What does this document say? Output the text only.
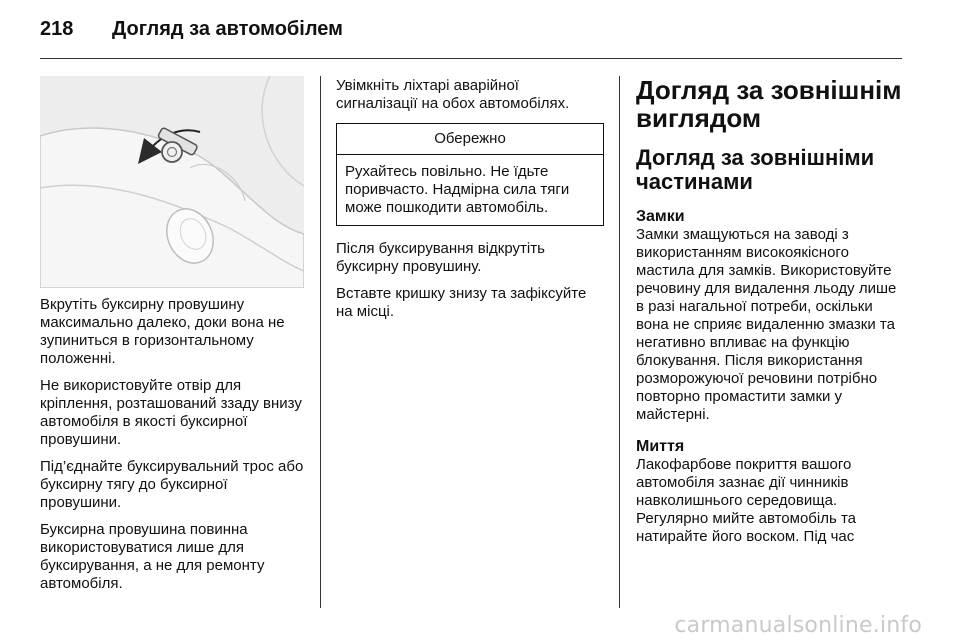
218 Догляд за автомобілем

Вкрутіть буксирну провушину максимально далеко, доки вона не зупиниться в горизонтальному положенні.

Не використовуйте отвір для кріплення, розташований ззаду внизу автомобіля в якості буксирної провушини.

Під’єднайте буксирувальний трос або буксирну тягу до буксирної провушини.

Буксирна провушина повинна використовуватися лише для буксирування, а не для ремонту автомобіля.

Увімкніть ліхтарі аварійної сигналізації на обох автомобілях.

Обережно
Рухайтесь повільно. Не їдьте поривчасто. Надмірна сила тяги може пошкодити автомобіль.

Після буксирування відкрутіть буксирну провушину.

Вставте кришку знизу та зафіксуйте на місці.

Догляд за зовнішнім виглядом
Догляд за зовнішніми частинами
Замки

Замки змащуються на заводі з використанням високоякісного мастила для замків. Використовуйте речовину для видалення льоду лише в разі нагальної потреби, оскільки вона не сприяє видаленню змазки та негативно впливає на функцію блокування. Після використання розморожуючої речовини потрібно повторно промастити замки у майстерні.

Миття

Лакофарбове покриття вашого автомобіля зазнає дії чинників навколишнього середовища. Регулярно мийте автомобіль та натирайте його воском. Під час

carmanualsonline.info
